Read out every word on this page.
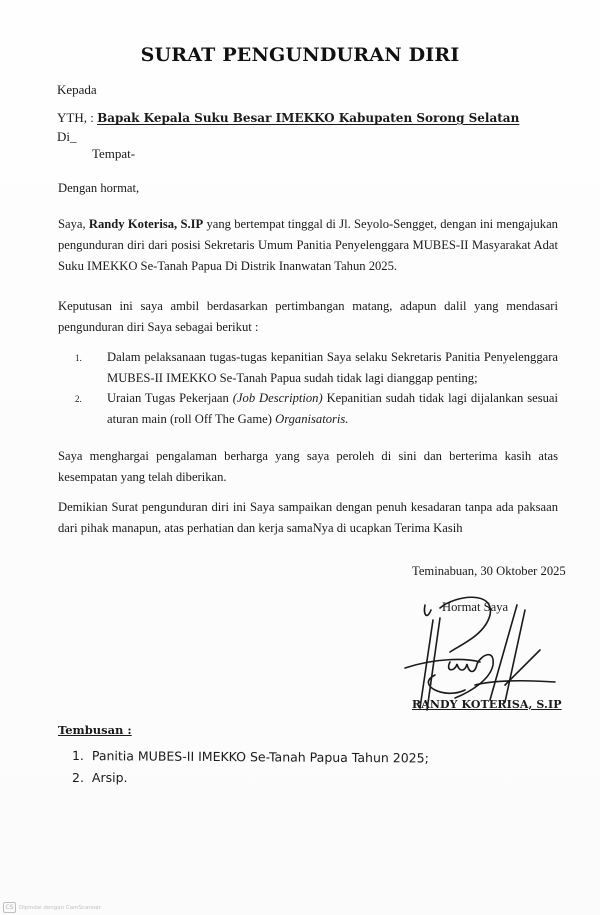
SURAT PENGUNDURAN DIRI
Kepada
YTH, : Bapak Kepala Suku Besar IMEKKO Kabupaten Sorong Selatan
Di_
Tempat-
Dengan hormat,
Saya, Randy Koterisa, S.IP yang bertempat tinggal di Jl. Seyolo-Sengget, dengan ini mengajukan pengunduran diri dari posisi Sekretaris Umum Panitia Penyelenggara MUBES-II Masyarakat Adat Suku IMEKKO Se-Tanah Papua Di Distrik Inanwatan Tahun 2025.
Keputusan ini saya ambil berdasarkan pertimbangan matang, adapun dalil yang mendasari pengunduran diri Saya sebagai berikut :
1. Dalam pelaksanaan tugas-tugas kepanitian Saya selaku Sekretaris Panitia Penyelenggara MUBES-II IMEKKO Se-Tanah Papua sudah tidak lagi dianggap penting;
2. Uraian Tugas Pekerjaan (Job Description) Kepanitian sudah tidak lagi dijalankan sesuai aturan main (roll Off The Game) Organisatoris.
Saya menghargai pengalaman berharga yang saya peroleh di sini dan berterima kasih atas kesempatan yang telah diberikan.
Demikian Surat pengunduran diri ini Saya sampaikan dengan penuh kesadaran tanpa ada paksaan dari pihak manapun, atas perhatian dan kerja samaNya di ucapkan Terima Kasih
Teminabuan, 30 Oktober 2025
Hormat Saya
RANDY KOTERISA, S.IP
Tembusan :
1. Panitia MUBES-II IMEKKO Se-Tanah Papua Tahun 2025;
2. Arsip.
CS	Dipindai dengan CamScanner
